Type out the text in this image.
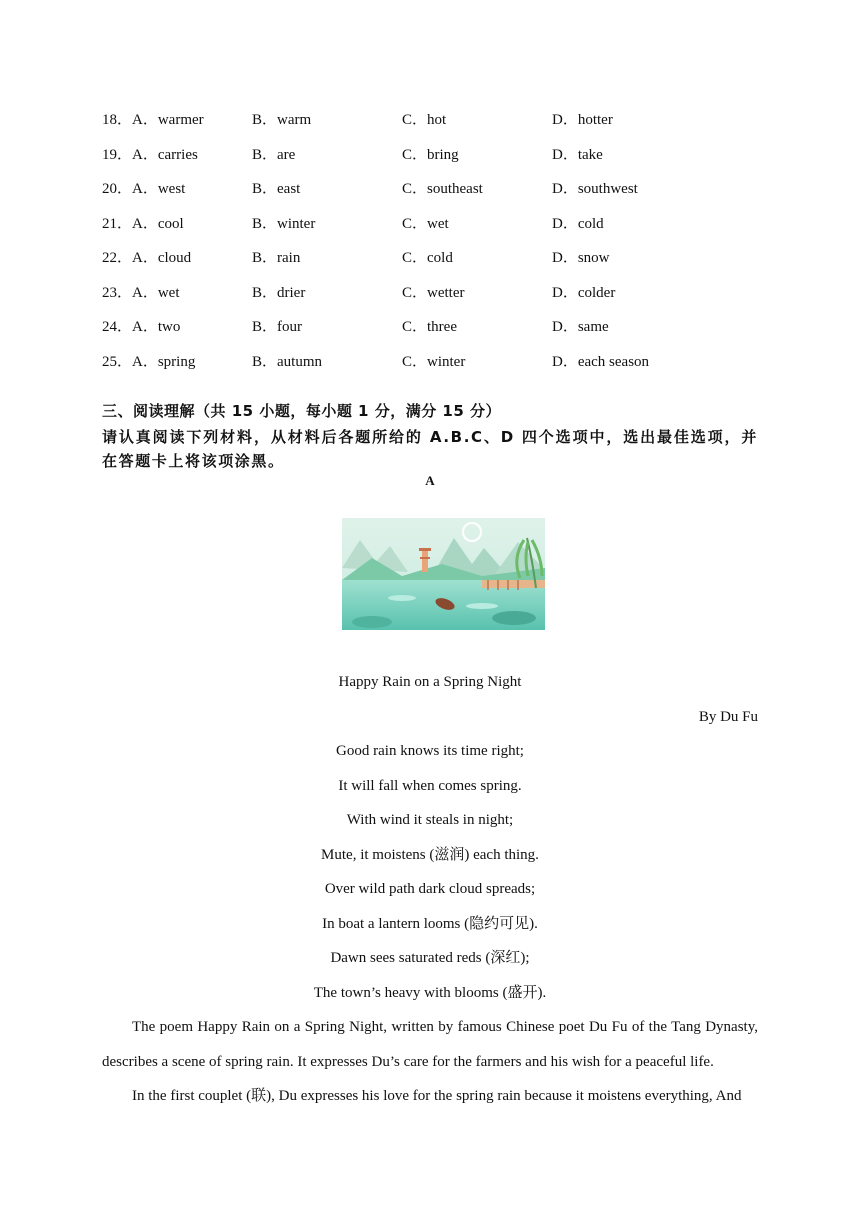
18．A．warmer	B．warm	C．hot	D．hotter
19．A．carries	B．are	C．bring	D．take
20．A．west	B．east	C．southeast	D．southwest
21．A．cool	B．winter	C．wet	D．cold
22．A．cloud	B．rain	C．cold	D．snow
23．A．wet	B．drier	C．wetter	D．colder
24．A．two	B．four	C．three	D．same
25．A．spring	B．autumn	C．winter	D．each season
三、阅读理解（共 15 小题，每小题 1 分，满分 15 分）
请认真阅读下列材料，从材料后各题所给的 A.B.C、D 四个选项中，选出最佳选项，并在答题卡上将该项涂黑。
A
Happy Rain on a Spring Night
By Du Fu
Good rain knows its time right;
It will fall when comes spring.
With wind it steals in night;
Mute, it moistens (滋润) each thing.
Over wild path dark cloud spreads;
In boat a lantern looms (隐约可见).
Dawn sees saturated reds (深红);
The town’s heavy with blooms (盛开).
The poem Happy Rain on a Spring Night, written by famous Chinese poet Du Fu of the Tang Dynasty, describes a scene of spring rain. It expresses Du’s care for the farmers and his wish for a peaceful life.
In the first couplet (联), Du expresses his love for the spring rain because it moistens everything, And
